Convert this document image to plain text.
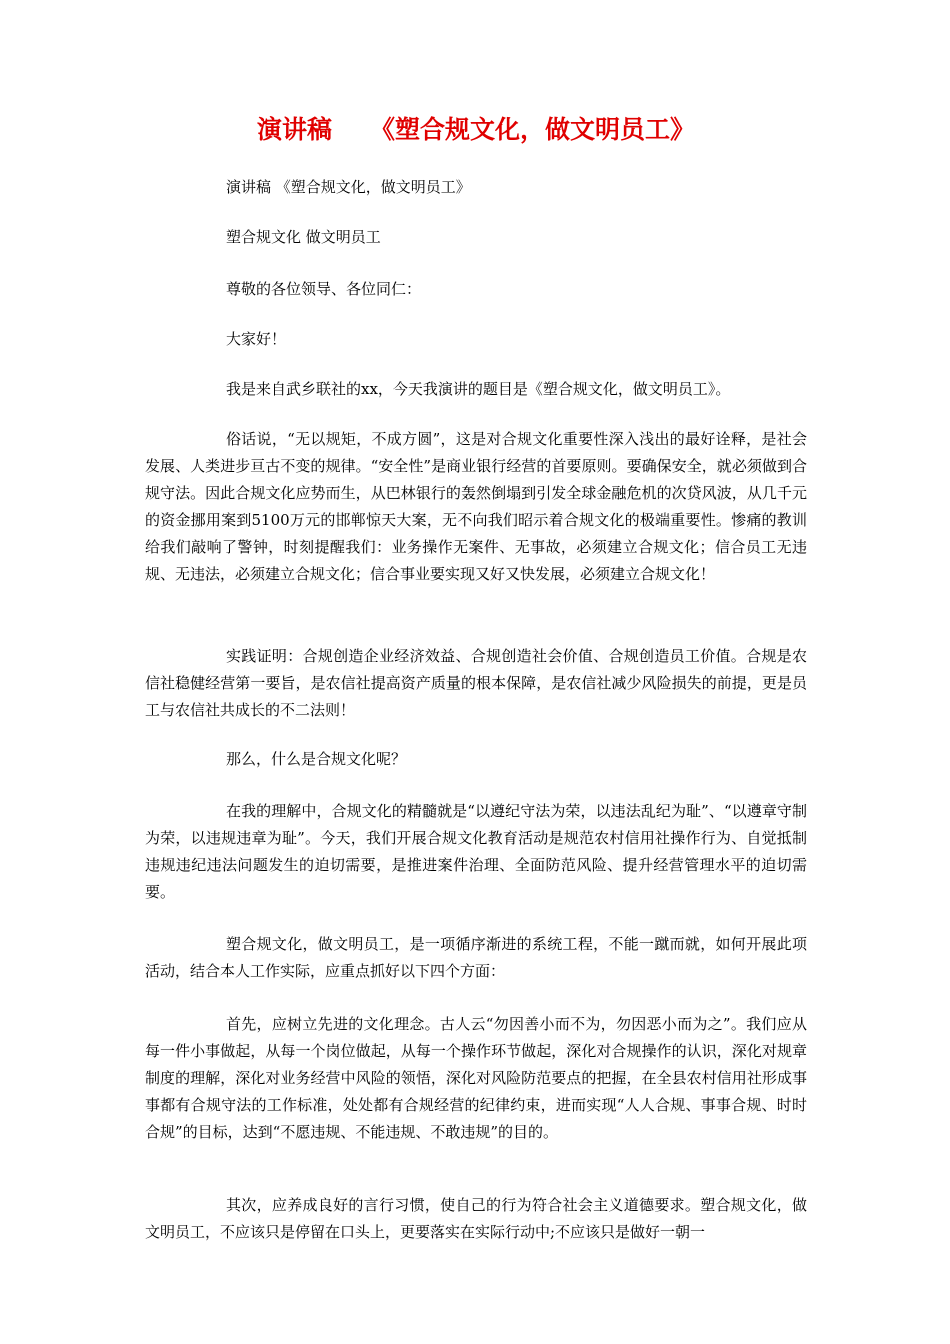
演讲稿 《塑合规文化，做文明员工》

演讲稿 《塑合规文化，做文明员工》

塑合规文化 做文明员工

尊敬的各位领导、各位同仁：

大家好！

我是来自武乡联社的xx，今天我演讲的题目是《塑合规文化，做文明员工》。

俗话说，“无以规矩，不成方圆”，这是对合规文化重要性深入浅出的最好诠释，是社会发展、人类进步亘古不变的规律。“安全性”是商业银行经营的首要原则。要确保安全，就必须做到合规守法。因此合规文化应势而生，从巴林银行的轰然倒塌到引发全球金融危机的次贷风波，从几千元的资金挪用案到5100万元的邯郸惊天大案，无不向我们昭示着合规文化的极端重要性。惨痛的教训给我们敲响了警钟，时刻提醒我们：业务操作无案件、无事故，必须建立合规文化；信合员工无违规、无违法，必须建立合规文化；信合事业要实现又好又快发展，必须建立合规文化！

实践证明：合规创造企业经济效益、合规创造社会价值、合规创造员工价值。合规是农信社稳健经营第一要旨，是农信社提高资产质量的根本保障，是农信社减少风险损失的前提，更是员工与农信社共成长的不二法则！

那么，什么是合规文化呢？

在我的理解中，合规文化的精髓就是“以遵纪守法为荣，以违法乱纪为耻”、“以遵章守制为荣，以违规违章为耻”。今天，我们开展合规文化教育活动是规范农村信用社操作行为、自觉抵制违规违纪违法问题发生的迫切需要，是推进案件治理、全面防范风险、提升经营管理水平的迫切需要。

塑合规文化，做文明员工，是一项循序渐进的系统工程，不能一蹴而就，如何开展此项活动，结合本人工作实际，应重点抓好以下四个方面：

首先，应树立先进的文化理念。古人云“勿因善小而不为，勿因恶小而为之”。我们应从每一件小事做起，从每一个岗位做起，从每一个操作环节做起，深化对合规操作的认识，深化对规章制度的理解，深化对业务经营中风险的领悟，深化对风险防范要点的把握，在全县农村信用社形成事事都有合规守法的工作标准，处处都有合规经营的纪律约束，进而实现“人人合规、事事合规、时时合规”的目标，达到“不愿违规、不能违规、不敢违规”的目的。

其次，应养成良好的言行习惯，使自己的行为符合社会主义道德要求。塑合规文化，做文明员工，不应该只是停留在口头上，更要落实在实际行动中;不应该只是做好一朝一
